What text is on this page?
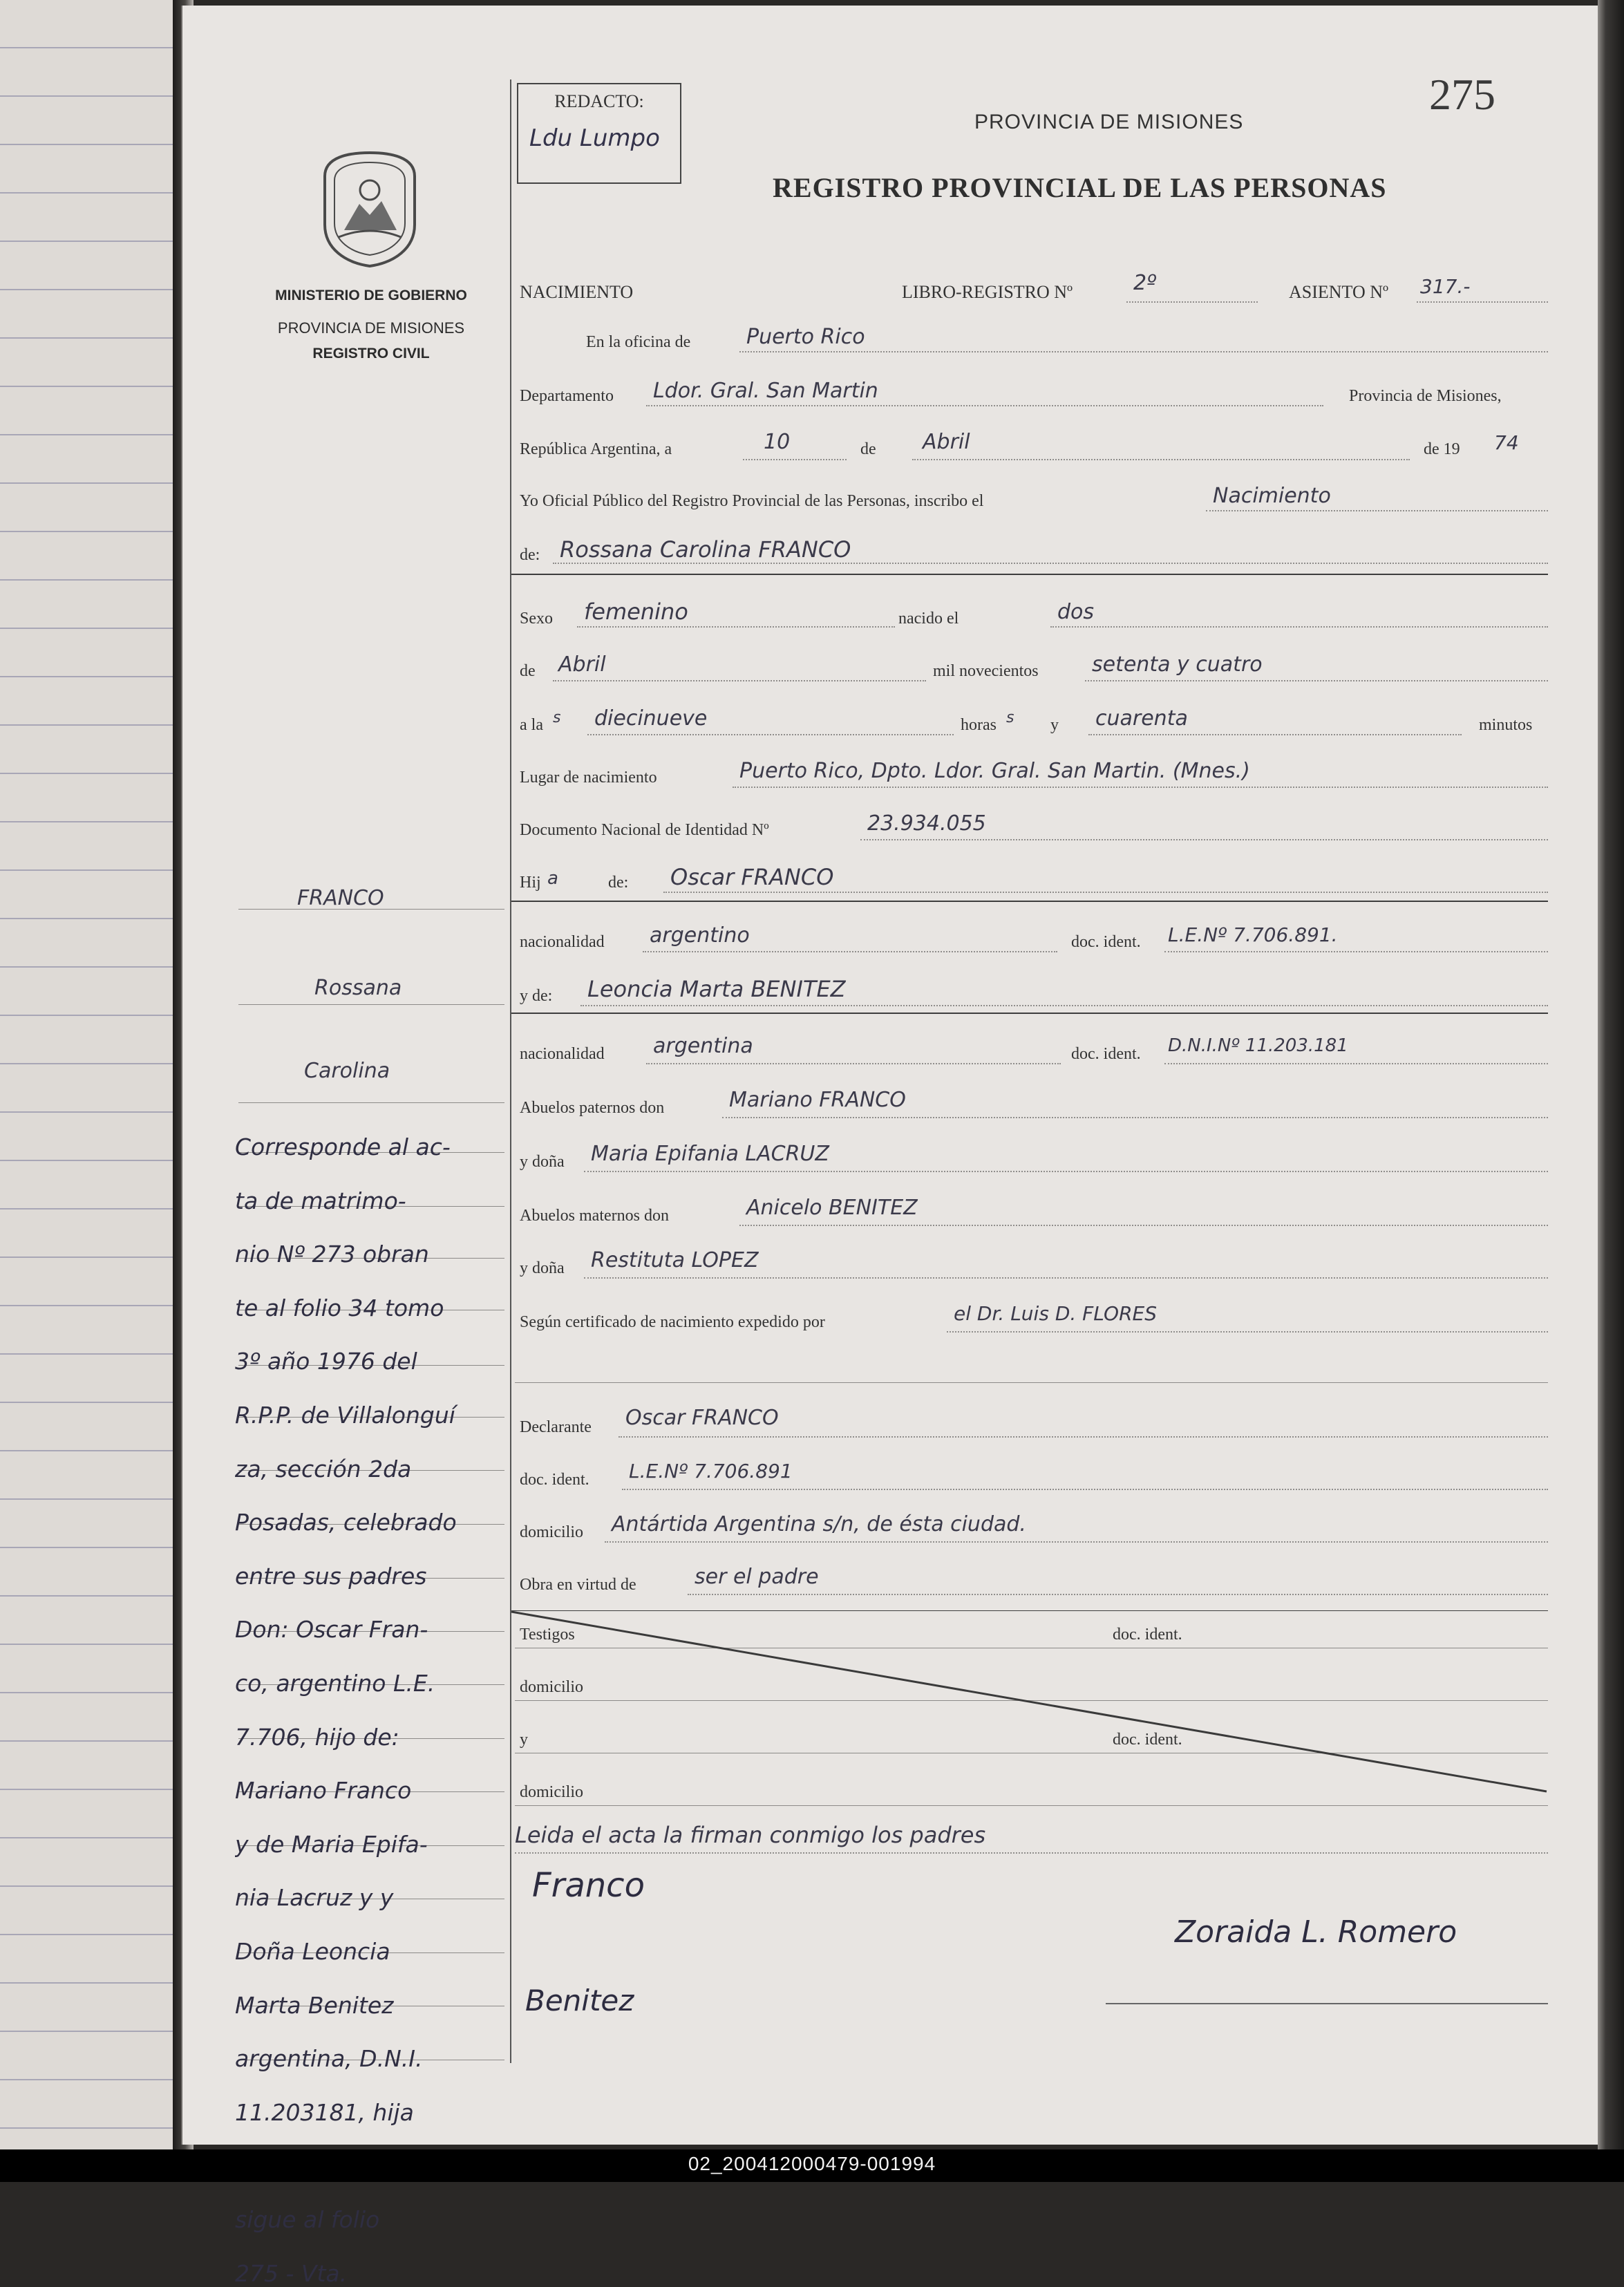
REDACTO:
Ldu Lumpo
PROVINCIA DE MISIONES
REGISTRO PROVINCIAL DE LAS PERSONAS
275
MINISTERIO DE GOBIERNO
PROVINCIA DE MISIONES
REGISTRO CIVIL
NACIMIENTO	LIBRO-REGISTRO Nº	2º	ASIENTO Nº 317.-
En la oficina de	Puerto Rico
Departamento Ldor. Gral. San Martin	Provincia de Misiones,
República Argentina, a	10	de Abril	de 19 74
Yo Oficial Público del Registro Provincial de las Personas, inscribo el	Nacimiento
de: Rossana Carolina FRANCO
Sexo femenino	nacido el	dos
de Abril	mil novecientos	setenta y cuatro
a la s diecinueve	horas s y cuarenta	minutos
Lugar de nacimiento	Puerto Rico, Dpto. Ldor. Gral. San Martin. (Mnes.)
Documento Nacional de Identidad Nº	23.934.055
Hij a	de: Oscar FRANCO
nacionalidad argentino	doc. ident. L.E.Nº 7.706.891.
y de: Leoncia Marta BENITEZ
nacionalidad argentina	doc. ident. D.N.I.Nº 11.203.181
Abuelos paternos don	Mariano FRANCO
y doña Maria Epifania LACRUZ
Abuelos maternos don	Anicelo BENITEZ
y doña Restituta LOPEZ
Según certificado de nacimiento expedido por	el Dr. Luis D. FLORES
Declarante Oscar FRANCO
doc. ident. L.E.Nº 7.706.891
domicilio Antártida Argentina s/n, de ésta ciudad.
Obra en virtud de	ser el padre
Testigos	doc. ident.
domicilio
y	doc. ident.
domicilio
Leida el acta la firman conmigo los padres
Franco
Benitez
Zoraida L. Romero
FRANCO
Rossana
Carolina
Corresponde al ac-
ta de matrimo-
nio Nº 273 obran
te al folio 34 tomo
3º año 1976 del
R.P.P. de Villalonguí
za, sección 2da
Posadas, celebrado
entre sus padres
Don: Oscar Fran-
co, argentino L.E.
7.706, hijo de:
Mariano Franco
y de Maria Epifa-
nia Lacruz y y
Doña Leoncia
Marta Benitez
argentina, D.N.I.
11.203181, hija
sigue al folio
275 - Vta.
02_200412000479-001994
